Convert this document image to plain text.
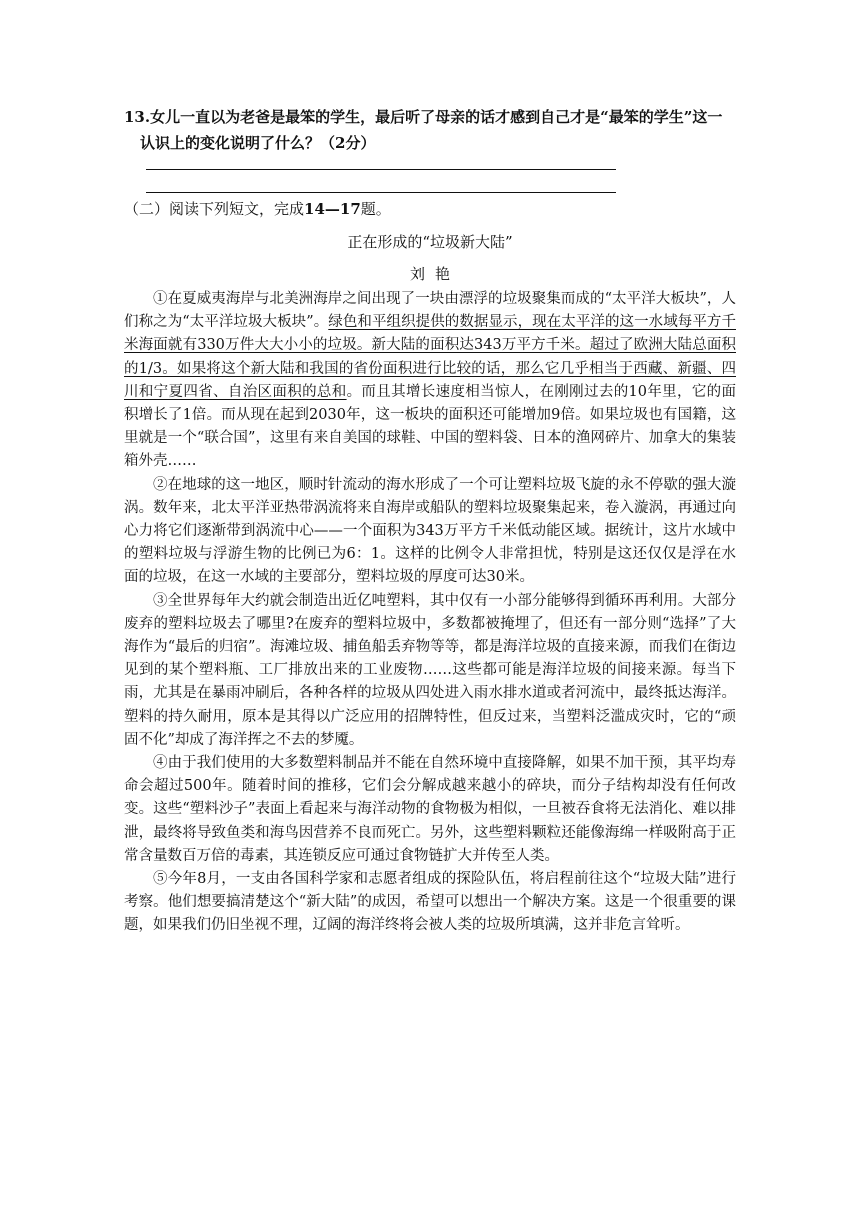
13.女儿一直以为老爸是最笨的学生，最后听了母亲的话才感到自己才是“最笨的学生”这一
认识上的变化说明了什么？（2分）
（二）阅读下列短文，完成14—17题。
正在形成的“垃圾新大陆”
刘艳

①在夏威夷海岸与北美洲海岸之间出现了一块由漂浮的垃圾聚集而成的“太平洋大板块”，人们称之为“太平洋垃圾大板块”。绿色和平组织提供的数据显示，现在太平洋的这一水域每平方千米海面就有330万件大大小小的垃圾。新大陆的面积达343万平方千米。超过了欧洲大陆总面积的1/3。如果将这个新大陆和我国的省份面积进行比较的话，那么它几乎相当于西藏、新疆、四川和宁夏四省、自治区面积的总和。而且其增长速度相当惊人，在刚刚过去的10年里，它的面积增长了1倍。而从现在起到2030年，这一板块的面积还可能增加9倍。如果垃圾也有国籍，这里就是一个“联合国”，这里有来自美国的球鞋、中国的塑料袋、日本的渔网碎片、加拿大的集装箱外壳……

②在地球的这一地区，顺时针流动的海水形成了一个可让塑料垃圾飞旋的永不停歇的强大漩涡。数年来，北太平洋亚热带涡流将来自海岸或船队的塑料垃圾聚集起来，卷入漩涡，再通过向心力将它们逐渐带到涡流中心——一个面积为343万平方千米低动能区域。据统计，这片水域中的塑料垃圾与浮游生物的比例已为6：1。这样的比例令人非常担忧，特别是这还仅仅是浮在水面的垃圾，在这一水域的主要部分，塑料垃圾的厚度可达30米。

③全世界每年大约就会制造出近亿吨塑料，其中仅有一小部分能够得到循环再利用。大部分废弃的塑料垃圾去了哪里?在废弃的塑料垃圾中，多数都被掩埋了，但还有一部分则“选择”了大海作为“最后的归宿”。海滩垃圾、捕鱼船丢弃物等等，都是海洋垃圾的直接来源，而我们在街边见到的某个塑料瓶、工厂排放出来的工业废物……这些都可能是海洋垃圾的间接来源。每当下雨，尤其是在暴雨冲刷后，各种各样的垃圾从四处进入雨水排水道或者河流中，最终抵达海洋。塑料的持久耐用，原本是其得以广泛应用的招牌特性，但反过来，当塑料泛滥成灾时，它的“顽固不化”却成了海洋挥之不去的梦魇。

④由于我们使用的大多数塑料制品并不能在自然环境中直接降解，如果不加干预，其平均寿命会超过500年。随着时间的推移，它们会分解成越来越小的碎块，而分子结构却没有任何改变。这些“塑料沙子”表面上看起来与海洋动物的食物极为相似，一旦被吞食将无法消化、难以排泄，最终将导致鱼类和海鸟因营养不良而死亡。另外，这些塑料颗粒还能像海绵一样吸附高于正常含量数百万倍的毒素，其连锁反应可通过食物链扩大并传至人类。

⑤今年8月，一支由各国科学家和志愿者组成的探险队伍，将启程前往这个“垃圾大陆”进行考察。他们想要搞清楚这个“新大陆”的成因，希望可以想出一个解决方案。这是一个很重要的课题，如果我们仍旧坐视不理，辽阔的海洋终将会被人类的垃圾所填满，这并非危言耸听。
